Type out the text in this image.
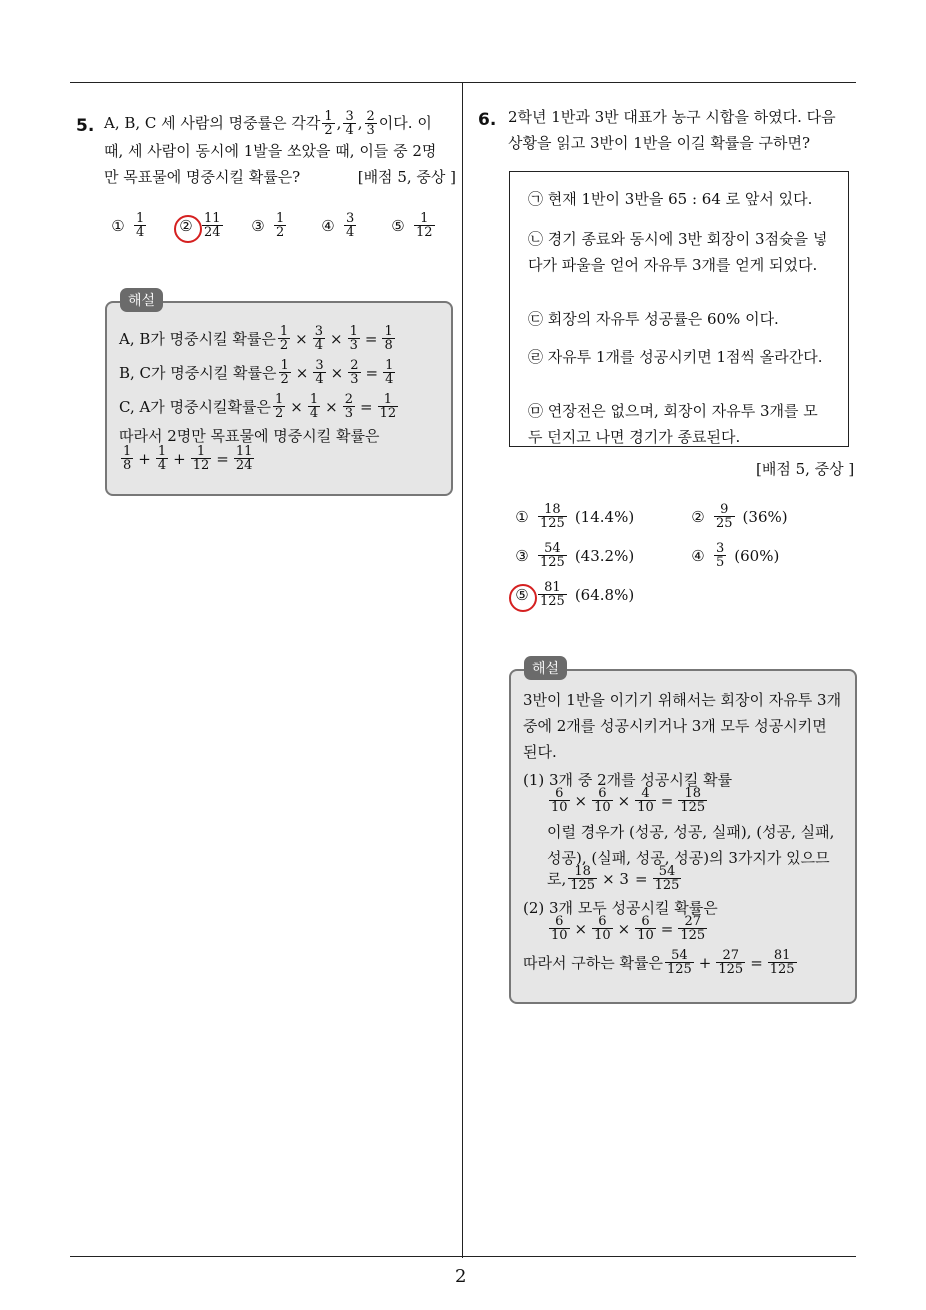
2
5. A, B, C 세 사람의 명중률은 각각 $\frac{1}{2}$ , $\frac{3}{4}$ , $\frac{2}{3}$ 이다. 이
때, 세 사람이 동시에 1발을 쏘았을 때, 이들 중 2명
만 목표물에 명중시킬 확률은?	[배점 5, 중상 ]
① $\frac{1}{4}$ ② $\frac{11}{24}$ ③ $\frac{1}{2}$ ④ $\frac{3}{4}$ ⑤ $\frac{1}{12}$
A, B가 명중시킬 확률은 $\frac{1}{2} \times \frac{3}{4} \times \frac{1}{3} = \frac{1}{8}$
B, C가 명중시킬 확률은 $\frac{1}{2} \times \frac{3}{4} \times \frac{2}{3} = \frac{1}{4}$
C, A가 명중시킬확률은 $\frac{1}{2} \times \frac{1}{4} \times \frac{2}{3} = \frac{1}{12}$
따라서 2명만 목표물에 명중시킬 확률은
$\frac{1}{8} + \frac{1}{4} + \frac{1}{12} = \frac{11}{24}$
해설
6. 2학년 1반과 3반 대표가 농구 시합을 하였다. 다음
상황을 읽고 3반이 1반을 이길 확률을 구하면?
㉠ 현재 1반이 3반을 65 : 64 로 앞서 있다.
㉡ 경기 종료와 동시에 3반 회장이 3점슛을 넣다가 파울을 얻어 자유투 3개를 얻게 되었다.
㉢ 회장의 자유투 성공률은 60% 이다.
㉣ 자유투 1개를 성공시키면 1점씩 올라간다.
㉤ 연장전은 없으며, 회장이 자유투 3개를 모두 던지고 나면 경기가 종료된다.
[배점 5, 중상 ]
① $\frac{18}{125} (14.4\%)$	② $\frac{9}{25} (36\%)$
③ $\frac{54}{125} (43.2\%)$	④ $\frac{3}{5} (60\%)$
⑤ $\frac{81}{125} (64.8\%)$
3반이 1반을 이기기 위해서는 회장이 자유투 3개
중에 2개를 성공시키거나 3개 모두 성공시키면
된다.
(1) 3개 중 2개를 성공시킬 확률
$\frac{6}{10} \times \frac{6}{10} \times \frac{4}{10} = \frac{18}{125}$
이럴 경우가 (성공, 성공, 실패), (성공, 실패,
성공), (실패, 성공, 성공)의 3가지가 있으므
로, $\frac{18}{125} \times 3 = \frac{54}{125}$
(2) 3개 모두 성공시킬 확률은
$\frac{6}{10} \times \frac{6}{10} \times \frac{6}{10} = \frac{27}{125}$
따라서 구하는 확률은 $\frac{54}{125} + \frac{27}{125} = \frac{81}{125}$
해설
